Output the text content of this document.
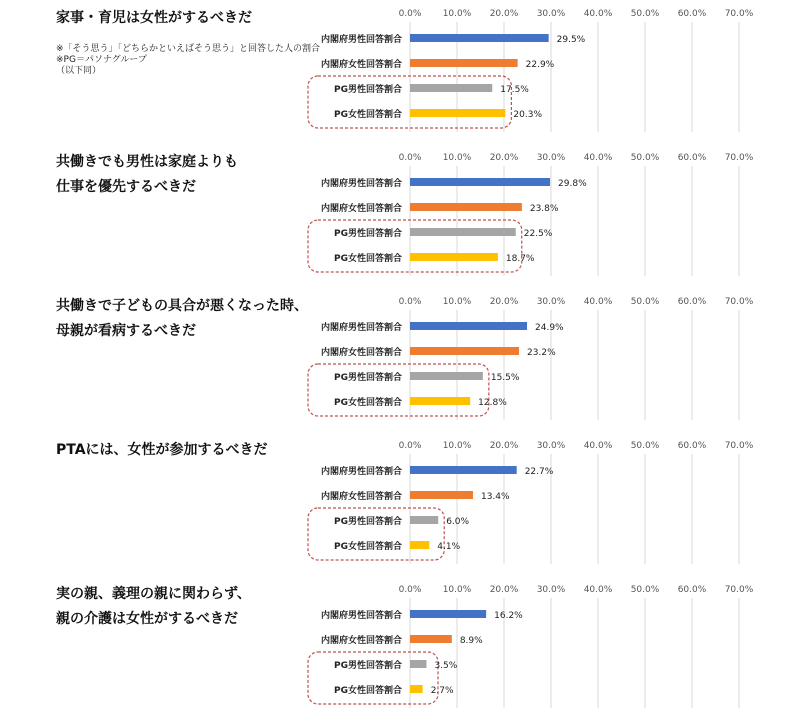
家事・育児は女性がするべきだ

※「そう思う」「どちらかといえばそう思う」と回答した人の割合
※PG＝パソナグループ
（以下同）

0.0% 10.0% 20.0% 30.0% 40.0% 50.0% 60.0% 70.0%
内閣府男性回答割合	29.5%
内閣府女性回答割合	22.9%
PG男性回答割合	17.5%
PG女性回答割合	20.3%

共働きでも男性は家庭よりも
仕事を優先するべきだ

0.0% 10.0% 20.0% 30.0% 40.0% 50.0% 60.0% 70.0%
内閣府男性回答割合	29.8%
内閣府女性回答割合	23.8%
PG男性回答割合	22.5%
PG女性回答割合	18.7%

共働きで子どもの具合が悪くなった時、
母親が看病するべきだ

0.0% 10.0% 20.0% 30.0% 40.0% 50.0% 60.0% 70.0%
内閣府男性回答割合	24.9%
内閣府女性回答割合	23.2%
PG男性回答割合	15.5%
PG女性回答割合	12.8%

PTAには、女性が参加するべきだ	0.0% 10.0% 20.0% 30.0% 40.0% 50.0% 60.0% 70.0%
内閣府男性回答割合	22.7%
内閣府女性回答割合	13.4%
PG男性回答割合	6.0%
PG女性回答割合	4.1%

実の親、義理の親に関わらず、
親の介護は女性がするべきだ

0.0% 10.0% 20.0% 30.0% 40.0% 50.0% 60.0% 70.0%
内閣府男性回答割合	16.2%
内閣府女性回答割合	8.9%
PG男性回答割合	3.5%
PG女性回答割合	2.7%
